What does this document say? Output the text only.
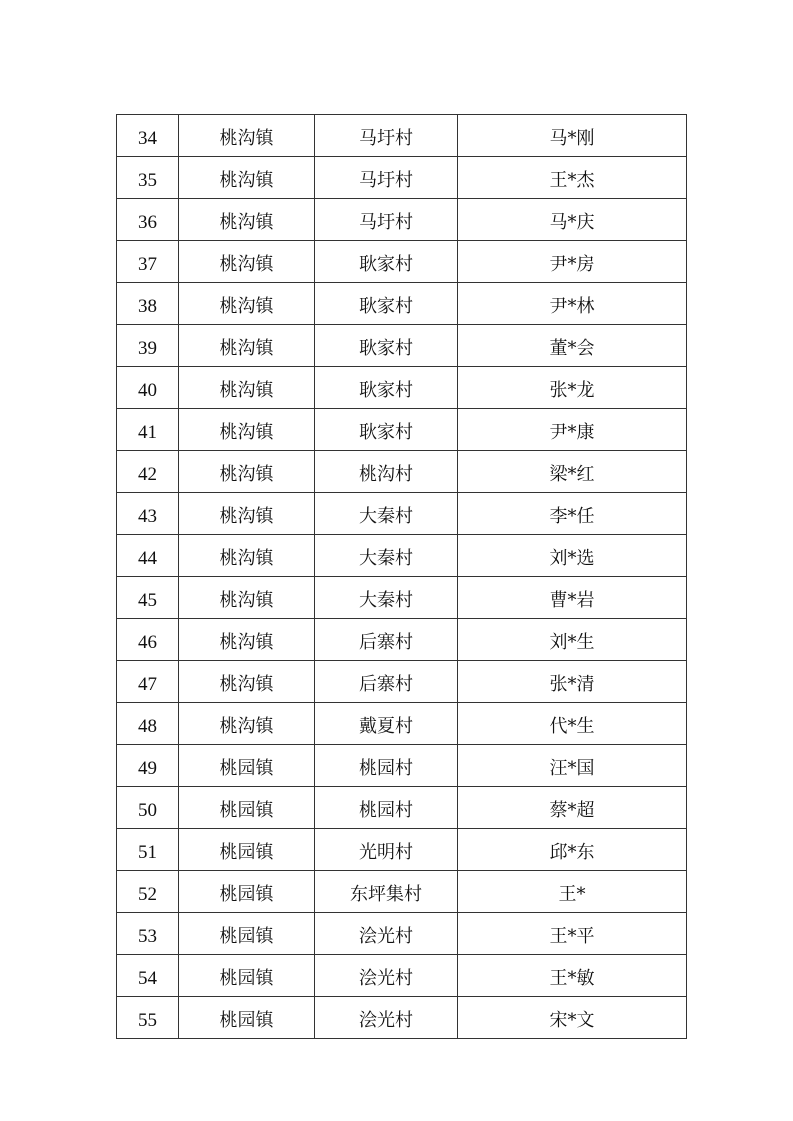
34	桃沟镇	马圩村	马*刚
35	桃沟镇	马圩村	王*杰
36	桃沟镇	马圩村	马*庆
37	桃沟镇	耿家村	尹*房
38	桃沟镇	耿家村	尹*林
39	桃沟镇	耿家村	董*会
40	桃沟镇	耿家村	张*龙
41	桃沟镇	耿家村	尹*康
42	桃沟镇	桃沟村	梁*红
43	桃沟镇	大秦村	李*任
44	桃沟镇	大秦村	刘*选
45	桃沟镇	大秦村	曹*岩
46	桃沟镇	后寨村	刘*生
47	桃沟镇	后寨村	张*清
48	桃沟镇	戴夏村	代*生
49	桃园镇	桃园村	汪*国
50	桃园镇	桃园村	蔡*超
51	桃园镇	光明村	邱*东
52	桃园镇	东坪集村	王*
53	桃园镇	浍光村	王*平
54	桃园镇	浍光村	王*敏
55	桃园镇	浍光村	宋*文
